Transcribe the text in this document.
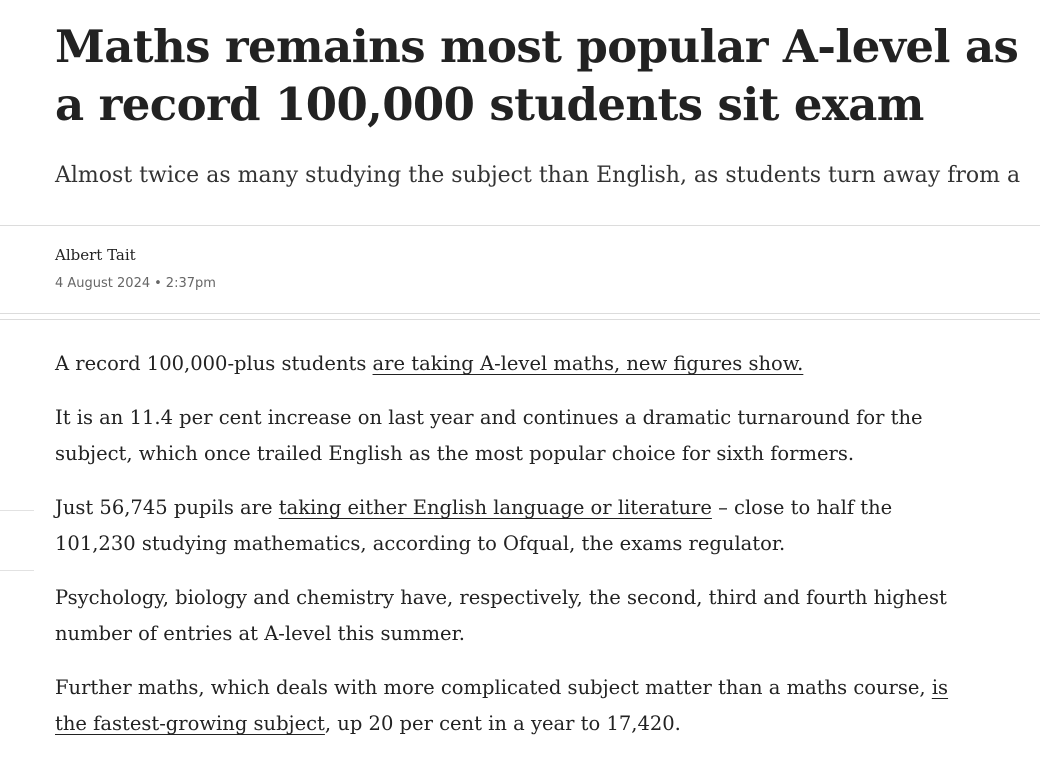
Maths remains most popular A-level as a record 100,000 students sit exam

Almost twice as many studying the subject than English, as students turn away from a

Albert Tait
4 August 2024 • 2:37pm

A record 100,000-plus students are taking A-level maths, new figures show.

It is an 11.4 per cent increase on last year and continues a dramatic turnaround for the subject, which once trailed English as the most popular choice for sixth formers.

Just 56,745 pupils are taking either English language or literature – close to half the 101,230 studying mathematics, according to Ofqual, the exams regulator.

Psychology, biology and chemistry have, respectively, the second, third and fourth highest number of entries at A-level this summer.

Further maths, which deals with more complicated subject matter than a maths course, is the fastest-growing subject, up 20 per cent in a year to 17,420.
